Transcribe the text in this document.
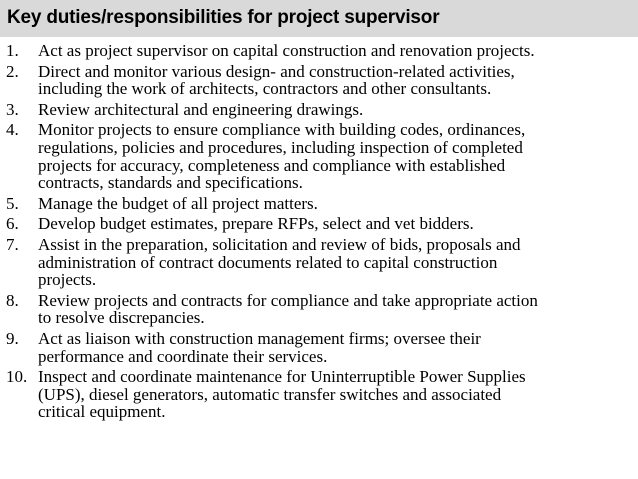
Key duties/responsibilities for project supervisor
1. Act as project supervisor on capital construction and renovation projects.
2. Direct and monitor various design- and construction-related activities,
including the work of architects, contractors and other consultants.
3. Review architectural and engineering drawings.
4. Monitor projects to ensure compliance with building codes, ordinances,
regulations, policies and procedures, including inspection of completed
projects for accuracy, completeness and compliance with established
contracts, standards and specifications.
5. Manage the budget of all project matters.
6. Develop budget estimates, prepare RFPs, select and vet bidders.
7. Assist in the preparation, solicitation and review of bids, proposals and
administration of contract documents related to capital construction
projects.
8. Review projects and contracts for compliance and take appropriate action
to resolve discrepancies.
9. Act as liaison with construction management firms; oversee their
performance and coordinate their services.
10. Inspect and coordinate maintenance for Uninterruptible Power Supplies
(UPS), diesel generators, automatic transfer switches and associated
critical equipment.
